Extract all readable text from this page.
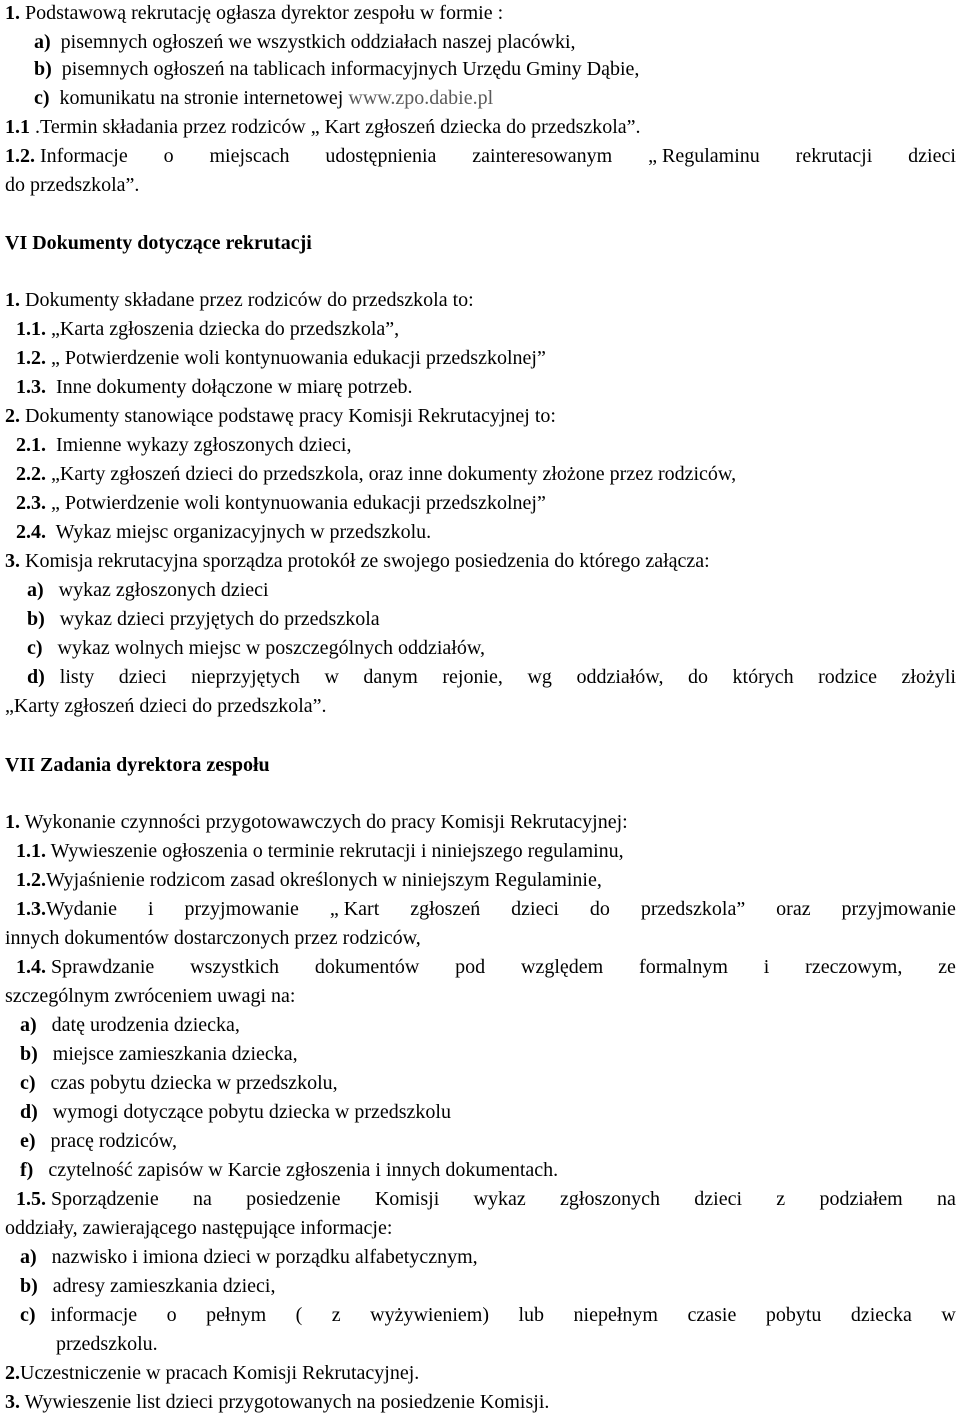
1. Podstawową rekrutację ogłasza dyrektor zespołu w formie :
a) pisemnych ogłoszeń we wszystkich oddziałach naszej placówki,
b) pisemnych ogłoszeń na tablicach informacyjnych Urzędu Gminy Dąbie,
c) komunikatu na stronie internetowej www.zpo.dabie.pl
1.1 .Termin składania przez rodziców „ Kart zgłoszeń dziecka do przedszkola”.
1.2. Informacje o miejscach udostępnienia zainteresowanym „ Regulaminu rekrutacji dzieci
do przedszkola”.
VI Dokumenty dotyczące rekrutacji
1. Dokumenty składane przez rodziców do przedszkola to:
1.1. „Karta zgłoszenia dziecka do przedszkola”,
1.2. „ Potwierdzenie woli kontynuowania edukacji przedszkolnej”
1.3. Inne dokumenty dołączone w miarę potrzeb.
2. Dokumenty stanowiące podstawę pracy Komisji Rekrutacyjnej to:
2.1. Imienne wykazy zgłoszonych dzieci,
2.2. „Karty zgłoszeń dzieci do przedszkola, oraz inne dokumenty złożone przez rodziców,
2.3. „ Potwierdzenie woli kontynuowania edukacji przedszkolnej”
2.4. Wykaz miejsc organizacyjnych w przedszkolu.
3. Komisja rekrutacyjna sporządza protokół ze swojego posiedzenia do którego załącza:
a) wykaz zgłoszonych dzieci
b) wykaz dzieci przyjętych do przedszkola
c) wykaz wolnych miejsc w poszczególnych oddziałów,
d) listy dzieci nieprzyjętych w danym rejonie, wg oddziałów, do których rodzice złożyli
„Karty zgłoszeń dzieci do przedszkola”.
VII Zadania dyrektora zespołu
1. Wykonanie czynności przygotowawczych do pracy Komisji Rekrutacyjnej:
1.1. Wywieszenie ogłoszenia o terminie rekrutacji i niniejszego regulaminu,
1.2.Wyjaśnienie rodzicom zasad określonych w niniejszym Regulaminie,
1.3.Wydanie i przyjmowanie „ Kart zgłoszeń dzieci do przedszkola” oraz przyjmowanie
innych dokumentów dostarczonych przez rodziców,
1.4. Sprawdzanie wszystkich dokumentów pod względem formalnym i rzeczowym, ze
szczególnym zwróceniem uwagi na:
a) datę urodzenia dziecka,
b) miejsce zamieszkania dziecka,
c) czas pobytu dziecka w przedszkolu,
d) wymogi dotyczące pobytu dziecka w przedszkolu
e) pracę rodziców,
f) czytelność zapisów w Karcie zgłoszenia i innych dokumentach.
1.5. Sporządzenie na posiedzenie Komisji wykaz zgłoszonych dzieci z podziałem na
oddziały, zawierającego następujące informacje:
a) nazwisko i imiona dzieci w porządku alfabetycznym,
b) adresy zamieszkania dzieci,
c) informacje o pełnym ( z wyżywieniem) lub niepełnym czasie pobytu dziecka w
przedszkolu.
2.Uczestniczenie w pracach Komisji Rekrutacyjnej.
3. Wywieszenie list dzieci przygotowanych na posiedzenie Komisji.
